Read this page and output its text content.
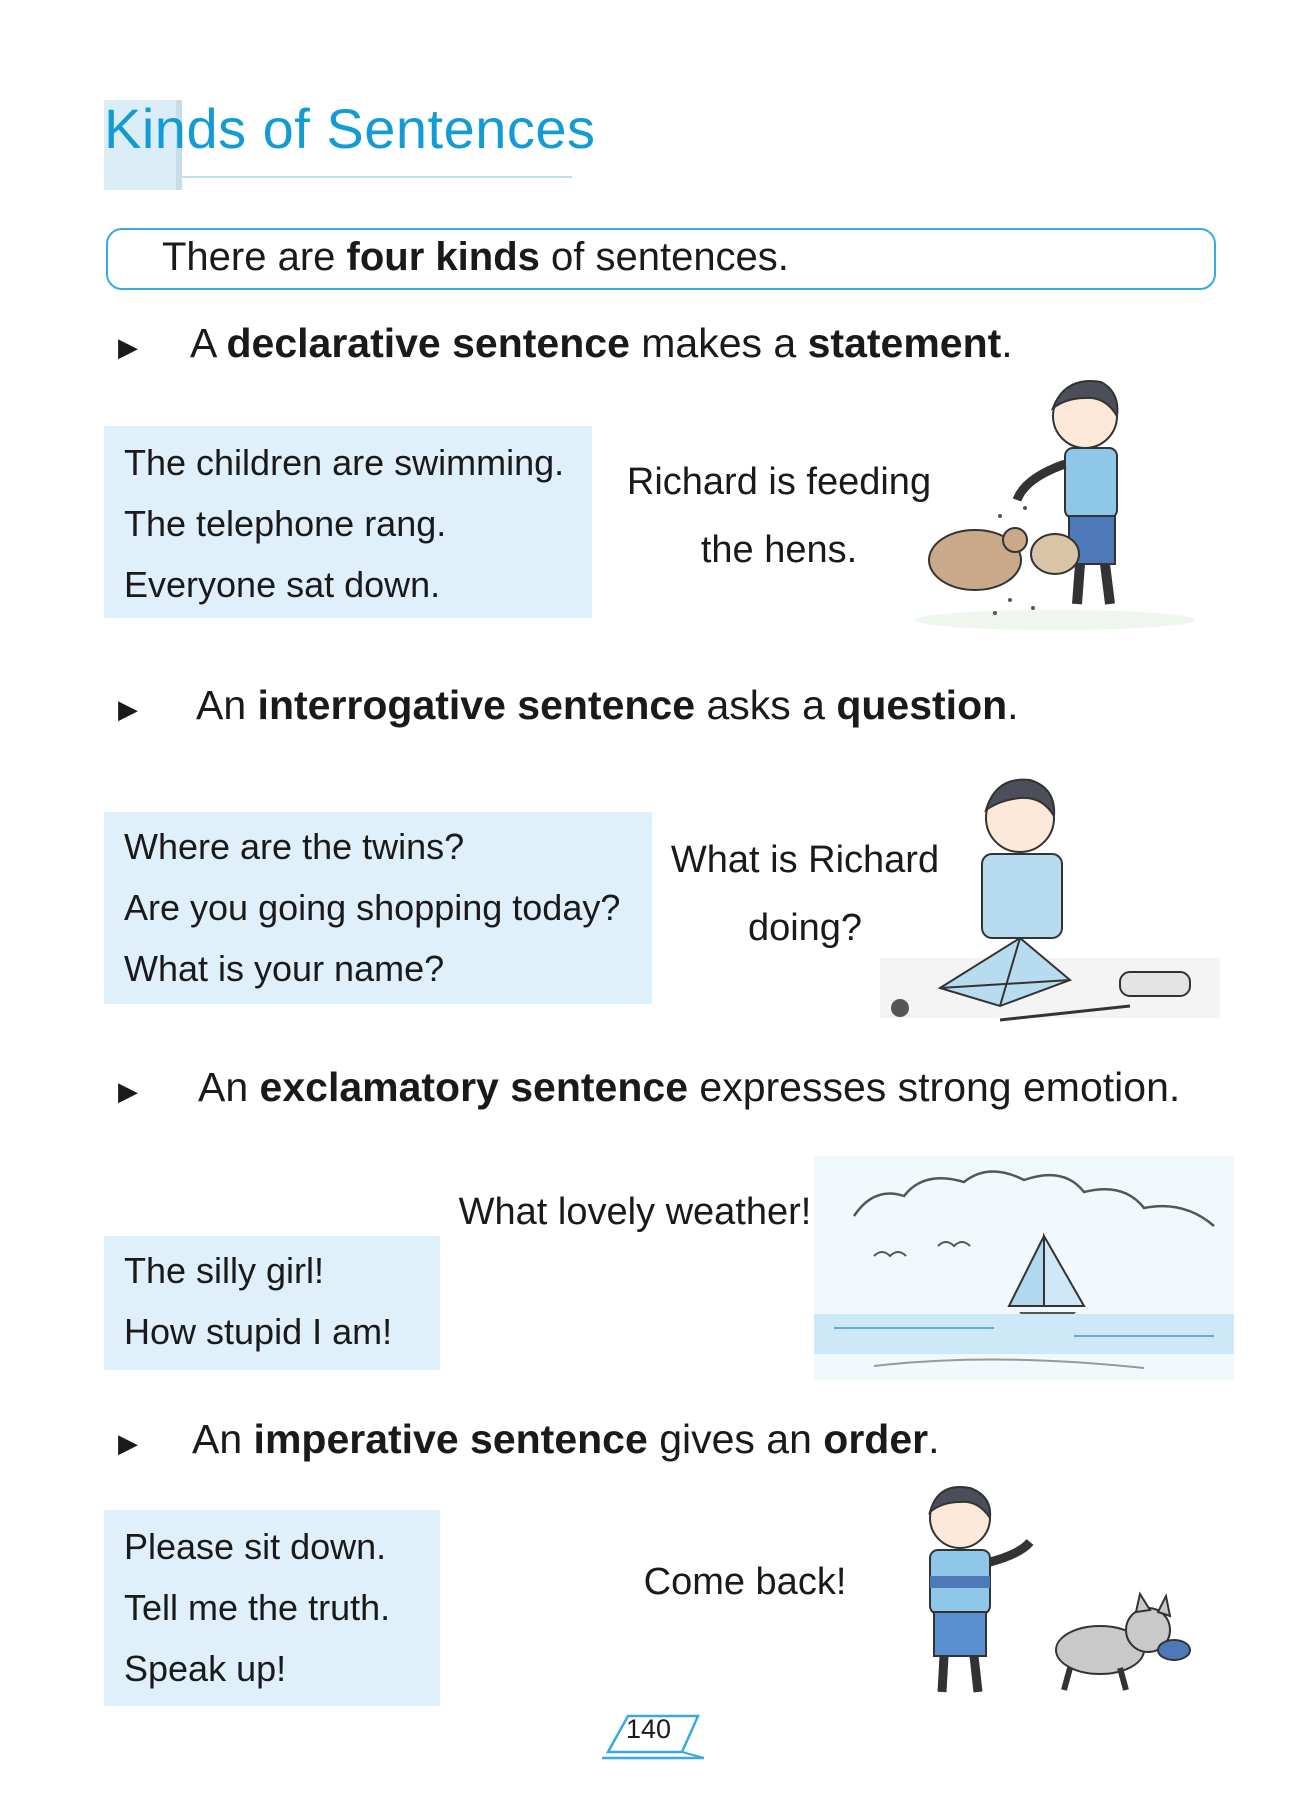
Kinds of Sentences
There are four kinds of sentences.
▶ A declarative sentence makes a statement.
The children are swimming.
The telephone rang.
Everyone sat down.
Richard is feeding
the hens.
▶ An interrogative sentence asks a question.
Where are the twins?
Are you going shopping today?
What is your name?
What is Richard
doing?
▶ An exclamatory sentence expresses strong emotion.
What lovely weather!
The silly girl!
How stupid I am!
▶ An imperative sentence gives an order.
Please sit down.
Tell me the truth.
Speak up!
Come back!
140
